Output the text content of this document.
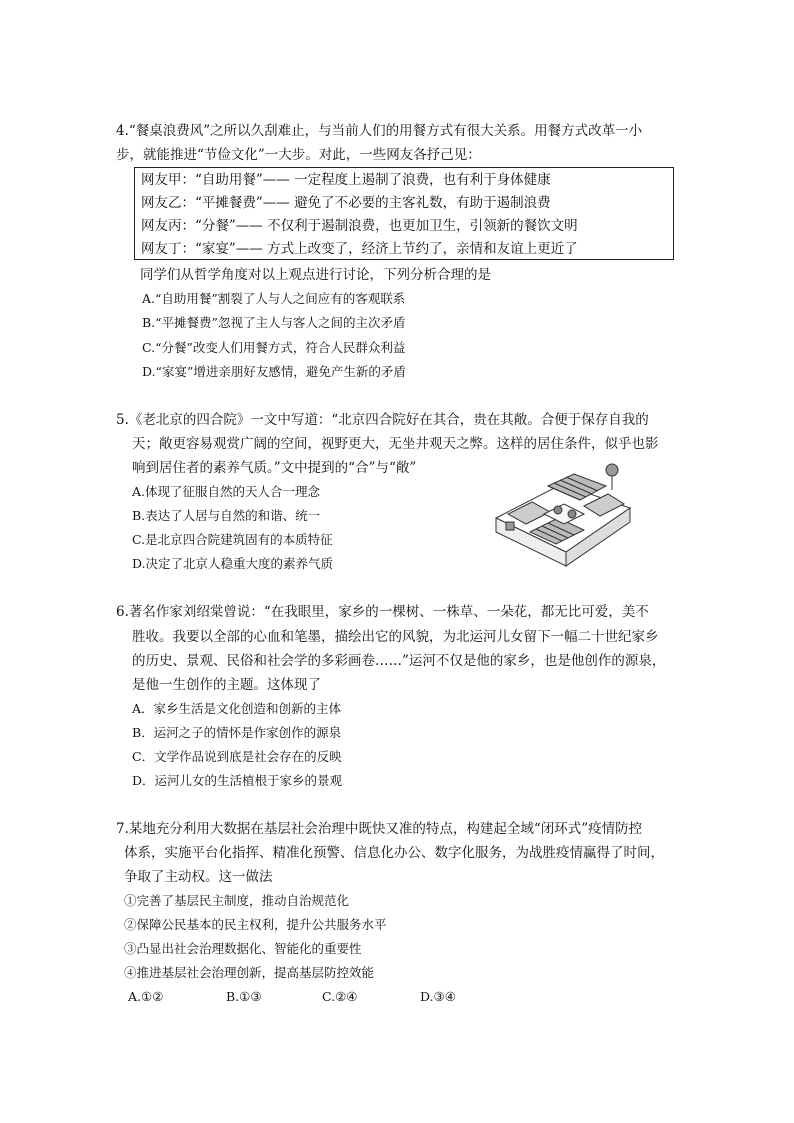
4.“餐桌浪费风”之所以久刮难止，与当前人们的用餐方式有很大关系。用餐方式改革一小
步，就能推进“节俭文化”一大步。对此，一些网友各抒己见：
网友甲：“自助用餐”—— 一定程度上遏制了浪费，也有利于身体健康
网友乙：“平摊餐费”—— 避免了不必要的主客礼数，有助于遏制浪费
网友丙：“分餐”—— 不仅利于遏制浪费，也更加卫生，引领新的餐饮文明
网友丁：“家宴”—— 方式上改变了，经济上节约了，亲情和友谊上更近了
同学们从哲学角度对以上观点进行讨论，下列分析合理的是
A.“自助用餐”割裂了人与人之间应有的客观联系
B.“平摊餐费”忽视了主人与客人之间的主次矛盾
C.“分餐”改变人们用餐方式，符合人民群众利益
D.“家宴”增进亲朋好友感情，避免产生新的矛盾
5.《老北京的四合院》一文中写道：“北京四合院好在其合，贵在其敞。合便于保存自我的
天；敞更容易观赏广阔的空间，视野更大，无坐井观天之弊。这样的居住条件，似乎也影
响到居住者的素养气质。”文中提到的“合”与“敞”
A.体现了征服自然的天人合一理念
B.表达了人居与自然的和谐、统一
C.是北京四合院建筑固有的本质特征
D.决定了北京人稳重大度的素养气质
6.著名作家刘绍棠曾说：“在我眼里，家乡的一棵树、一株草、一朵花，都无比可爱，美不
胜收。我要以全部的心血和笔墨，描绘出它的风貌，为北运河儿女留下一幅二十世纪家乡
的历史、景观、民俗和社会学的多彩画卷……”运河不仅是他的家乡，也是他创作的源泉，
是他一生创作的主题。这体现了
A．家乡生活是文化创造和创新的主体
B．运河之子的情怀是作家创作的源泉
C．文学作品说到底是社会存在的反映
D．运河儿女的生活植根于家乡的景观
7.某地充分利用大数据在基层社会治理中既快又准的特点，构建起全域“闭环式”疫情防控
体系，实施平台化指挥、精准化预警、信息化办公、数字化服务，为战胜疫情赢得了时间，
争取了主动权。这一做法
①完善了基层民主制度，推动自治规范化
②保障公民基本的民主权利，提升公共服务水平
③凸显出社会治理数据化、智能化的重要性
④推进基层社会治理创新，提高基层防控效能
A.①②	B.①③	C.②④	D.③④
